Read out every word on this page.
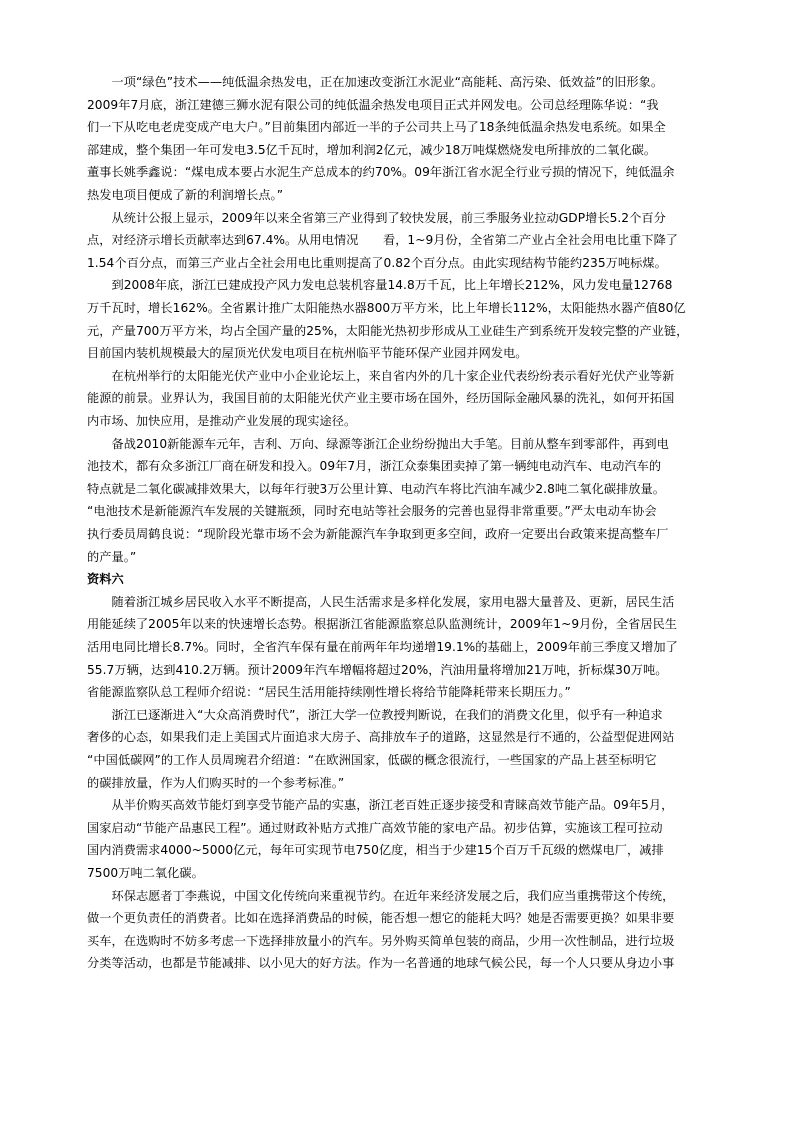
　　一项“绿色”技术——纯低温余热发电，正在加速改变浙江水泥业“高能耗、高污染、低效益”的旧形象。
2009年7月底，浙江建德三狮水泥有限公司的纯低温余热发电项目正式并网发电。公司总经理陈华说：“我
们一下从吃电老虎变成产电大户。”目前集团内部近一半的子公司共上马了18条纯低温余热发电系统。如果全
部建成，整个集团一年可发电3.5亿千瓦时，增加利润2亿元，减少18万吨煤燃烧发电所排放的二氧化碳。
董事长姚季鑫说：“煤电成本要占水泥生产总成本的约70%。09年浙江省水泥全行业亏损的情况下，纯低温余
热发电项目便成了新的利润增长点。”
　　从统计公报上显示，2009年以来全省第三产业得到了较快发展，前三季服务业拉动GDP增长5.2个百分
点，对经济示增长贡献率达到67.4%。从用电情况　　看，1~9月份，全省第二产业占全社会用电比重下降了
1.54个百分点，而第三产业占全社会用电比重则提高了0.82个百分点。由此实现结构节能约235万吨标煤。
　　到2008年底，浙江已建成投产风力发电总装机容量14.8万千瓦，比上年增长212%，风力发电量12768
万千瓦时，增长162%。全省累计推广太阳能热水器800万平方米，比上年增长112%，太阳能热水器产值80亿
元，产量700万平方米，均占全国产量的25%，太阳能光热初步形成从工业硅生产到系统开发较完整的产业链，
目前国内装机规模最大的屋顶光伏发电项目在杭州临平节能环保产业园并网发电。
　　在杭州举行的太阳能光伏产业中小企业论坛上，来自省内外的几十家企业代表纷纷表示看好光伏产业等新
能源的前景。业界认为，我国目前的太阳能光伏产业主要市场在国外，经历国际金融风暴的洗礼，如何开拓国
内市场、加快应用，是推动产业发展的现实途径。
　　备战2010新能源车元年，吉利、万向、绿源等浙江企业纷纷抛出大手笔。目前从整车到零部件，再到电
池技术，都有众多浙江厂商在研发和投入。09年7月，浙江众泰集团卖掉了第一辆纯电动汽车、电动汽车的
特点就是二氧化碳减排效果大，以每年行驶3万公里计算、电动汽车将比汽油车减少2.8吨二氧化碳排放量。
“电池技术是新能源汽车发展的关键瓶颈，同时充电站等社会服务的完善也显得非常重要。”严太电动车协会
执行委员周鹤良说：“现阶段光靠市场不会为新能源汽车争取到更多空间，政府一定要出台政策来提高整车厂
的产量。”
资料六
　　随着浙江城乡居民收入水平不断提高，人民生活需求是多样化发展，家用电器大量普及、更新，居民生活
用能延续了2005年以来的快速增长态势。根据浙江省能源监察总队监测统计，2009年1~9月份，全省居民生
活用电同比增长8.7%。同时，全省汽车保有量在前两年年均递增19.1%的基础上，2009年前三季度又增加了
55.7万辆，达到410.2万辆。预计2009年汽车增幅将超过20%，汽油用量将增加21万吨，折标煤30万吨。
省能源监察队总工程师介绍说：“居民生活用能持续刚性增长将给节能降耗带来长期压力。”
　　浙江已逐渐进入“大众高消费时代”，浙江大学一位教授判断说，在我们的消费文化里，似乎有一种追求
奢侈的心态，如果我们走上美国式片面追求大房子、高排放车子的道路，这显然是行不通的，公益型促进网站
“中国低碳网”的工作人员周琬君介绍道：“在欧洲国家，低碳的概念很流行，一些国家的产品上甚至标明它
的碳排放量，作为人们购买时的一个参考标准。”
　　从半价购买高效节能灯到享受节能产品的实惠，浙江老百姓正逐步接受和青睐高效节能产品。09年5月，
国家启动“节能产品惠民工程”。通过财政补贴方式推广高效节能的家电产品。初步估算，实施该工程可拉动
国内消费需求4000~5000亿元，每年可实现节电750亿度，相当于少建15个百万千瓦级的燃煤电厂，减排
7500万吨二氧化碳。
　　环保志愿者丁李燕说，中国文化传统向来重视节约。在近年来经济发展之后，我们应当重携带这个传统，
做一个更负责任的消费者。比如在选择消费品的时候，能否想一想它的能耗大吗？她是否需要更换？如果非要
买车，在选购时不妨多考虑一下选择排放量小的汽车。另外购买简单包装的商品，少用一次性制品，进行垃圾
分类等活动，也都是节能减排、以小见大的好方法。作为一名普通的地球气候公民，每一个人只要从身边小事
